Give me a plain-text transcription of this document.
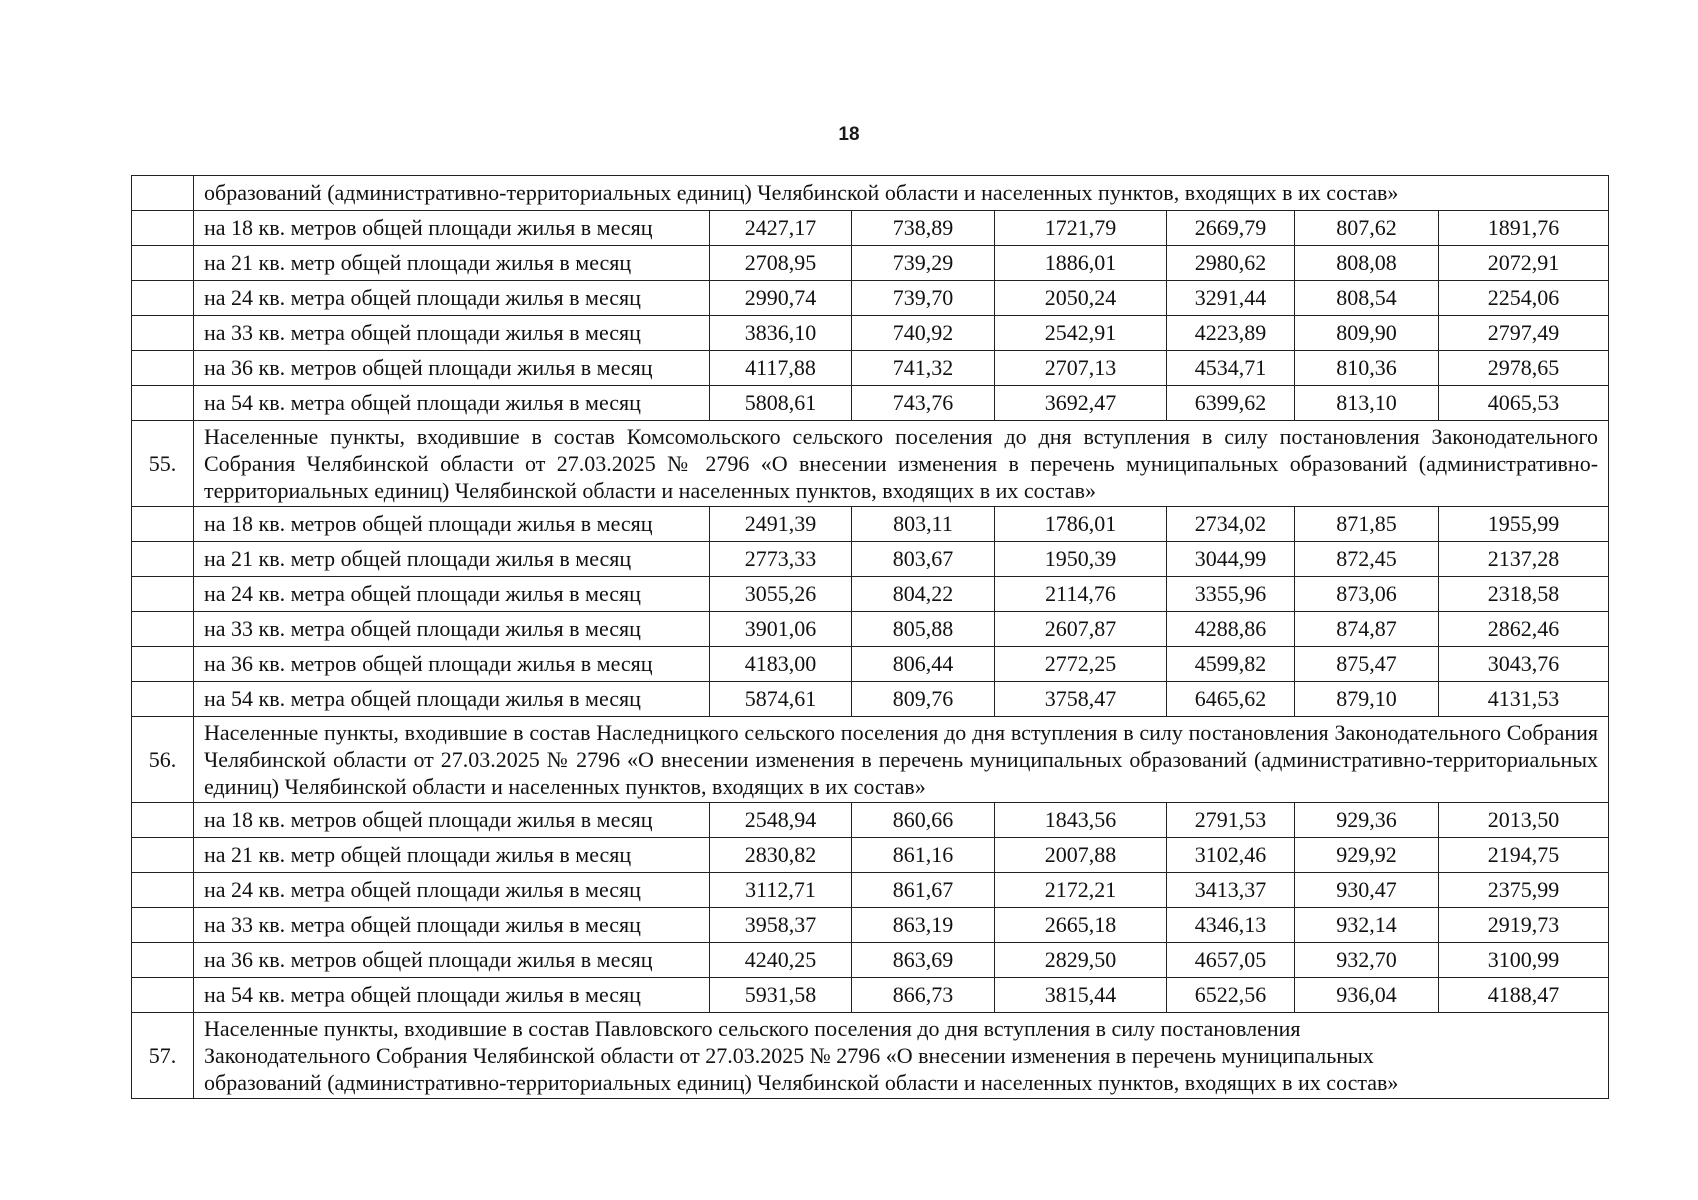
18
	образований (административно-территориальных единиц) Челябинской области и населенных пунктов, входящих в их состав»						
	на 18 кв. метров общей площади жилья в месяц	2427,17	738,89	1721,79	2669,79	807,62	1891,76
	на 21 кв. метр общей площади жилья в месяц	2708,95	739,29	1886,01	2980,62	808,08	2072,91
	на 24 кв. метра общей площади жилья в месяц	2990,74	739,70	2050,24	3291,44	808,54	2254,06
	на 33 кв. метра общей площади жилья в месяц	3836,10	740,92	2542,91	4223,89	809,90	2797,49
	на 36 кв. метров общей площади жилья в месяц	4117,88	741,32	2707,13	4534,71	810,36	2978,65
	на 54 кв. метра общей площади жилья в месяц	5808,61	743,76	3692,47	6399,62	813,10	4065,53
55.	Населенные пункты, входившие в состав Комсомольского сельского поселения до дня вступления в силу постановления Законодательного Собрания Челябинской области от 27.03.2025 № 2796 «О внесении изменения в перечень муниципальных образований (административно-территориальных единиц) Челябинской области и населенных пунктов, входящих в их состав»						
	на 18 кв. метров общей площади жилья в месяц	2491,39	803,11	1786,01	2734,02	871,85	1955,99
	на 21 кв. метр общей площади жилья в месяц	2773,33	803,67	1950,39	3044,99	872,45	2137,28
	на 24 кв. метра общей площади жилья в месяц	3055,26	804,22	2114,76	3355,96	873,06	2318,58
	на 33 кв. метра общей площади жилья в месяц	3901,06	805,88	2607,87	4288,86	874,87	2862,46
	на 36 кв. метров общей площади жилья в месяц	4183,00	806,44	2772,25	4599,82	875,47	3043,76
	на 54 кв. метра общей площади жилья в месяц	5874,61	809,76	3758,47	6465,62	879,10	4131,53
56.	Населенные пункты, входившие в состав Наследницкого сельского поселения до дня вступления в силу постановления Законодательного Собрания Челябинской области от 27.03.2025 № 2796 «О внесении изменения в перечень муниципальных образований (административно-территориальных единиц) Челябинской области и населенных пунктов, входящих в их состав»						
	на 18 кв. метров общей площади жилья в месяц	2548,94	860,66	1843,56	2791,53	929,36	2013,50
	на 21 кв. метр общей площади жилья в месяц	2830,82	861,16	2007,88	3102,46	929,92	2194,75
	на 24 кв. метра общей площади жилья в месяц	3112,71	861,67	2172,21	3413,37	930,47	2375,99
	на 33 кв. метра общей площади жилья в месяц	3958,37	863,19	2665,18	4346,13	932,14	2919,73
	на 36 кв. метров общей площади жилья в месяц	4240,25	863,69	2829,50	4657,05	932,70	3100,99
	на 54 кв. метра общей площади жилья в месяц	5931,58	866,73	3815,44	6522,56	936,04	4188,47
57.	Населенные пункты, входившие в состав Павловского сельского поселения до дня вступления в силу постановления
Законодательного Собрания Челябинской области от 27.03.2025 № 2796 «О внесении изменения в перечень муниципальных
образований (административно-территориальных единиц) Челябинской области и населенных пунктов, входящих в их состав»						
